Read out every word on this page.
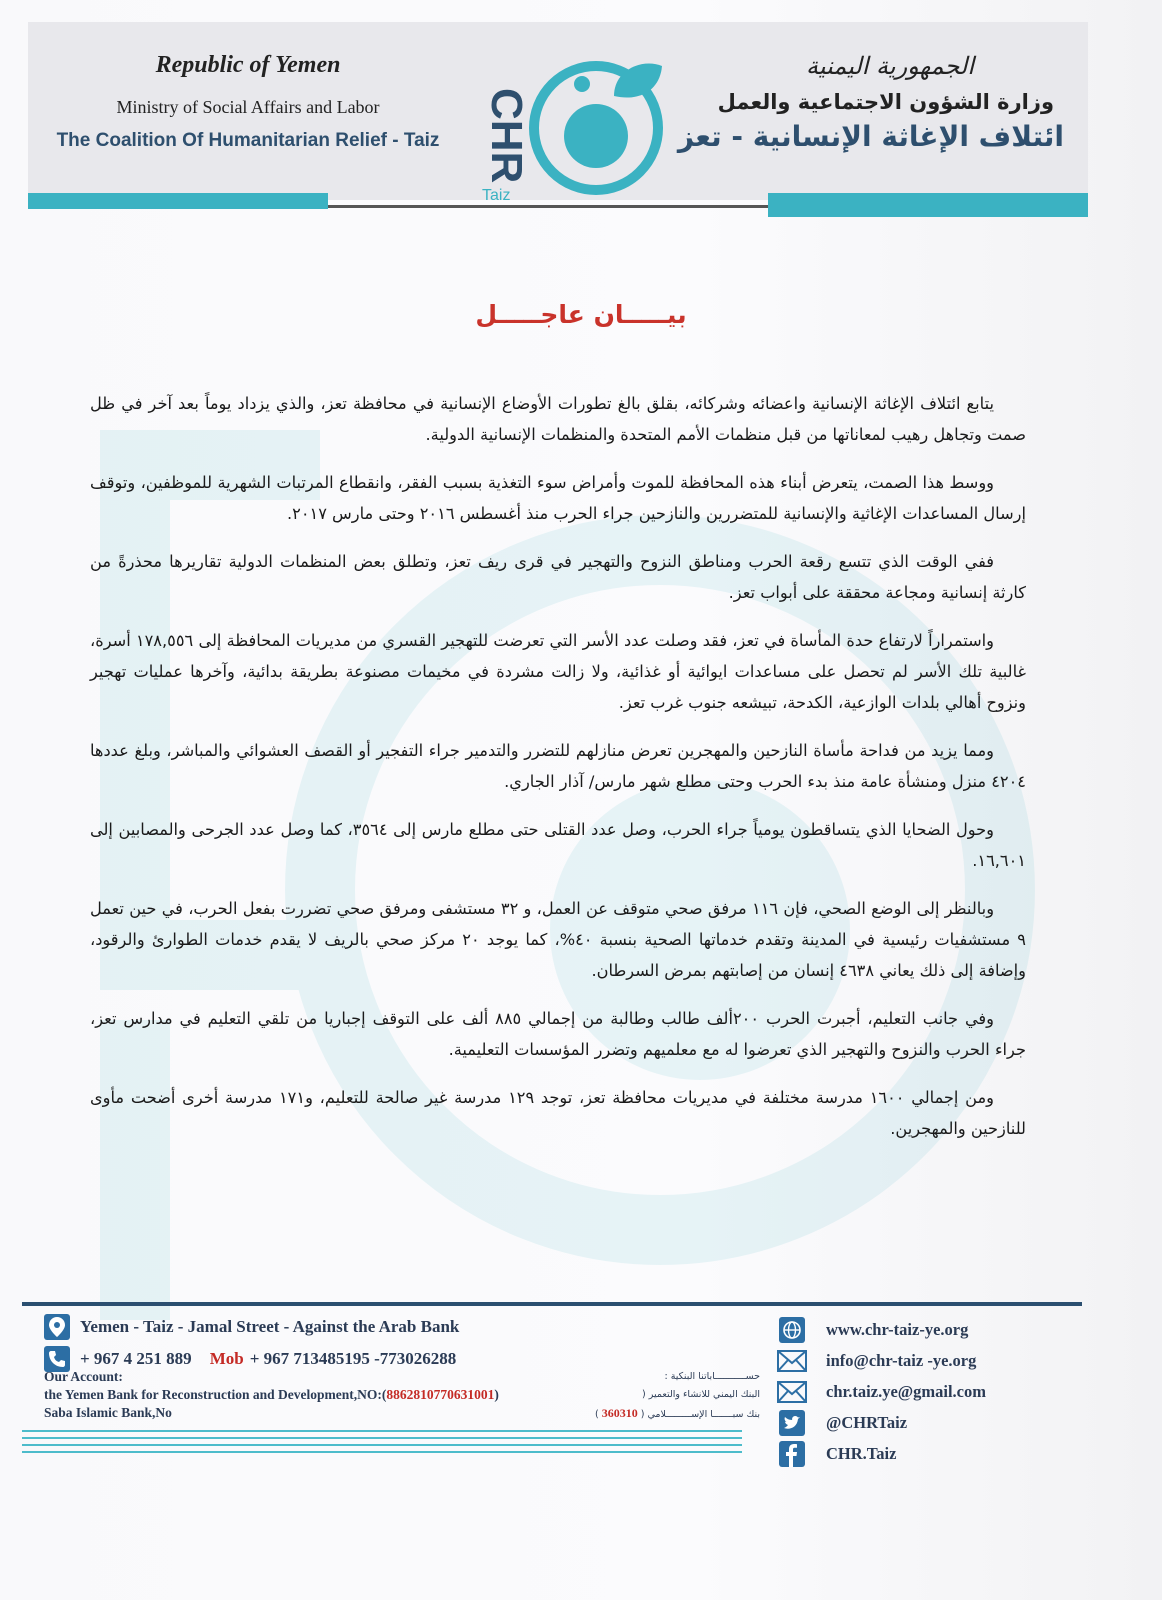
Republic of Yemen
Ministry of Social Affairs and Labor
The Coalition Of Humanitarian Relief - Taiz CHR
Taiz
الجمهورية اليمنية
وزارة الشؤون الاجتماعية والعمل
ائتلاف الإغاثة الإنسانية - تعز
بيـــــان عاجـــــل

يتابع ائتلاف الإغاثة الإنسانية واعضائه وشركائه، بقلق بالغ تطورات الأوضاع الإنسانية في محافظة تعز، والذي يزداد يوماً بعد آخر في ظل صمت وتجاهل رهيب لمعاناتها من قبل منظمات الأمم المتحدة والمنظمات الإنسانية الدولية.

ووسط هذا الصمت، يتعرض أبناء هذه المحافظة للموت وأمراض سوء التغذية بسبب الفقر، وانقطاع المرتبات الشهرية للموظفين، وتوقف إرسال المساعدات الإغاثية والإنسانية للمتضررين والنازحين جراء الحرب منذ أغسطس ٢٠١٦ وحتى مارس ٢٠١٧.

ففي الوقت الذي تتسع رقعة الحرب ومناطق النزوح والتهجير في قرى ريف تعز، وتطلق بعض المنظمات الدولية تقاريرها محذرةً من كارثة إنسانية ومجاعة محققة على أبواب تعز.

واستمراراً لارتفاع حدة المأساة في تعز، فقد وصلت عدد الأسر التي تعرضت للتهجير القسري من مديريات المحافظة إلى ١٧٨,٥٥٦ أسرة، غالبية تلك الأسر لم تحصل على مساعدات ايوائية أو غذائية، ولا زالت مشردة في مخيمات مصنوعة بطريقة بدائية، وآخرها عمليات تهجير ونزوح أهالي بلدات الوازعية، الكدحة، تبيشعه جنوب غرب تعز.

ومما يزيد من فداحة مأساة النازحين والمهجرين تعرض منازلهم للتضرر والتدمير جراء التفجير أو القصف العشوائي والمباشر، وبلغ عددها ٤٢٠٤ منزل ومنشأة عامة منذ بدء الحرب وحتى مطلع شهر مارس/ آذار الجاري.

وحول الضحايا الذي يتساقطون يومياً جراء الحرب، وصل عدد القتلى حتى مطلع مارس إلى ٣٥٦٤، كما وصل عدد الجرحى والمصابين إلى ١٦,٦٠١.

وبالنظر إلى الوضع الصحي، فإن ١١٦ مرفق صحي متوقف عن العمل، و ٣٢ مستشفى ومرفق صحي تضررت بفعل الحرب، في حين تعمل ٩ مستشفيات رئيسية في المدينة وتقدم خدماتها الصحية بنسبة ٤٠%، كما يوجد ٢٠ مركز صحي بالريف لا يقدم خدمات الطوارئ والرقود، وإضافة إلى ذلك يعاني ٤٦٣٨ إنسان من إصابتهم بمرض السرطان.

وفي جانب التعليم، أجبرت الحرب ٢٠٠ألف طالب وطالبة من إجمالي ٨٨٥ ألف على التوقف إجباريا من تلقي التعليم في مدارس تعز، جراء الحرب والنزوح والتهجير الذي تعرضوا له مع معلميهم وتضرر المؤسسات التعليمية.

ومن إجمالي ١٦٠٠ مدرسة مختلفة في مديريات محافظة تعز، توجد ١٢٩ مدرسة غير صالحة للتعليم، و١٧١ مدرسة أخرى أضحت مأوى للنازحين والمهجرين.

Yemen - Taiz - Jamal Street - Against the Arab Bank
+ 967 4 251 889 Mob + 967 713485195 -773026288
Our Account:
the Yemen Bank for Reconstruction and Development,NO:(8862810770631001)
Saba Islamic Bank,No
حســـــــــــاباتنا البنكية :
البنك اليمني للانشاء والتعمير (
بنك سبـــــــا الإســـــــــلامي ( 360310 )
www.chr-taiz-ye.org
info@chr-taiz -ye.org
chr.taiz.ye@gmail.com
@CHRTaiz
CHR.Taiz
